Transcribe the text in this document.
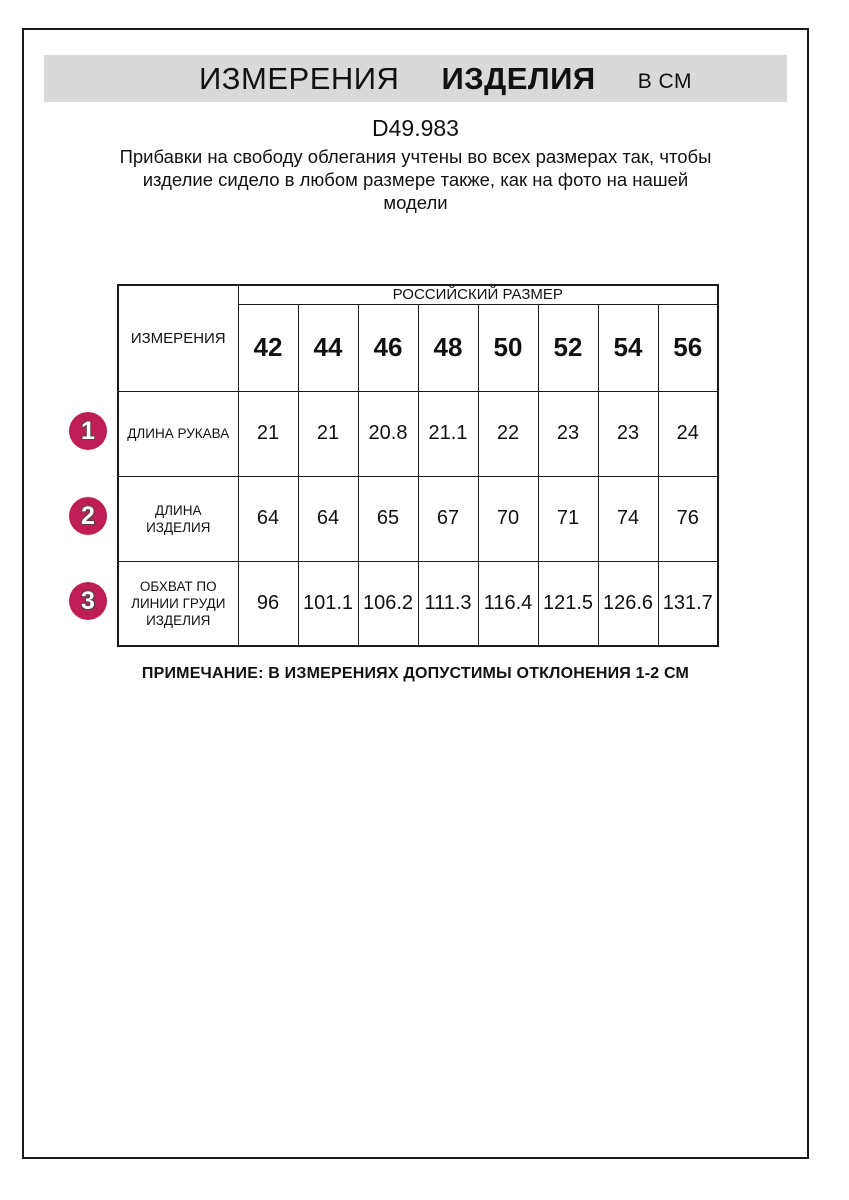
ИЗМЕРЕНИЯ ИЗДЕЛИЯ В СМ
D49.983
Прибавки на свободу облегания учтены во всех размерах так, чтобы
изделие сидело в любом размере также, как на фото на нашей
модели
1
2
3
ИЗМЕРЕНИЯ	РОССИЙСКИЙ РАЗМЕР							
	42	44	46	48	50	52	54	56
ДЛИНА РУКАВА	21	21	20.8	21.1	22	23	23	24
ДЛИНА ИЗДЕЛИЯ	64	64	65	67	70	71	74	76
ОБХВАТ ПО ЛИНИИ ГРУДИ ИЗДЕЛИЯ	96	101.1	106.2	111.3	116.4	121.5	126.6	131.7
ПРИМЕЧАНИЕ: В ИЗМЕРЕНИЯХ ДОПУСТИМЫ ОТКЛОНЕНИЯ 1-2 СМ
